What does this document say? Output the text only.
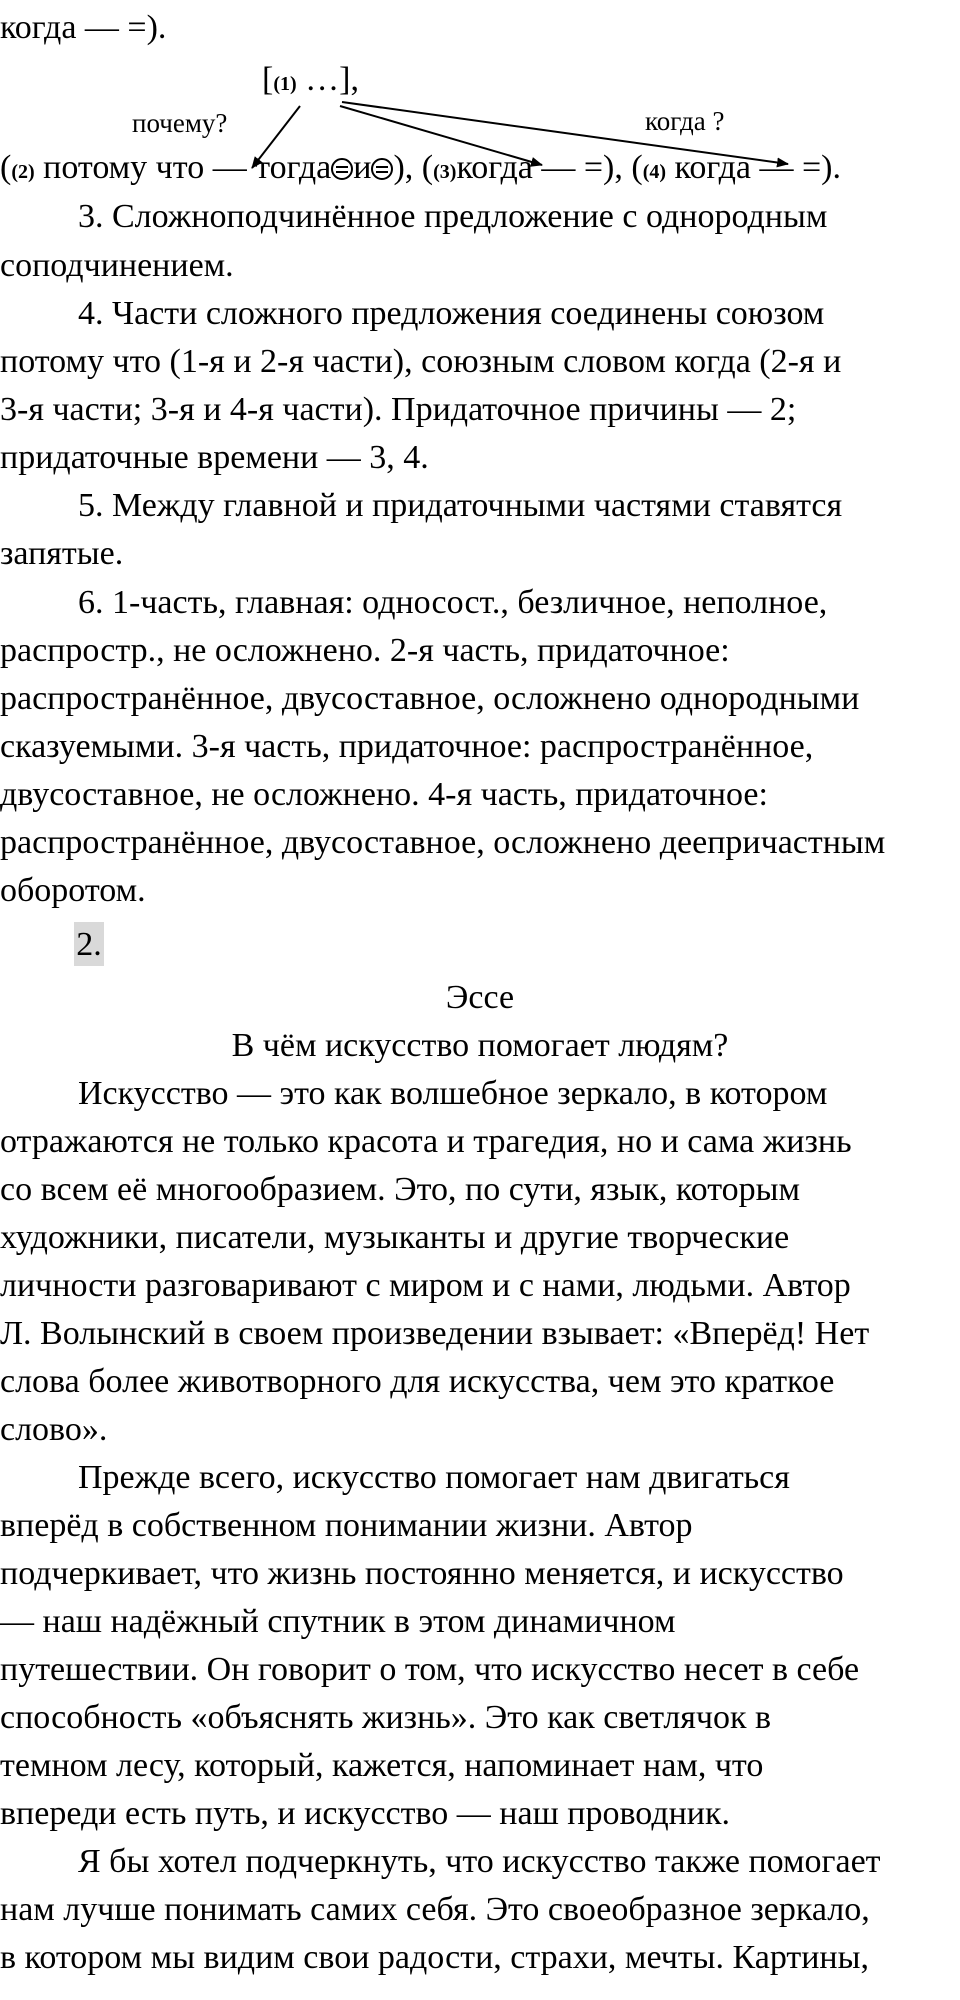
когда — =).
[(1) …],
почему?	когда ?
((2) потому что — тогда и ), ((3)когда — =), ((4) когда — =).
3. Сложноподчинённое предложение с однородным
соподчинением.
4. Части сложного предложения соединены союзом
потому что (1-я и 2-я части), союзным словом когда (2-я и
3-я части; 3-я и 4-я части). Придаточное причины — 2;
придаточные времени — 3, 4.
5. Между главной и придаточными частями ставятся
запятые.
6. 1-часть, главная: односост., безличное, неполное,
распростр., не осложнено. 2-я часть, придаточное:
распространённое, двусоставное, осложнено однородными
сказуемыми. 3-я часть, придаточное: распространённое,
двусоставное, не осложнено. 4-я часть, придаточное:
распространённое, двусоставное, осложнено деепричастным
оборотом.
2.
Эссе
В чём искусство помогает людям?
Искусство — это как волшебное зеркало, в котором
отражаются не только красота и трагедия, но и сама жизнь
со всем её многообразием. Это, по сути, язык, которым
художники, писатели, музыканты и другие творческие
личности разговаривают с миром и с нами, людьми. Автор
Л. Волынский в своем произведении взывает: «Вперёд! Нет
слова более животворного для искусства, чем это краткое
слово».
Прежде всего, искусство помогает нам двигаться
вперёд в собственном понимании жизни. Автор
подчеркивает, что жизнь постоянно меняется, и искусство
— наш надёжный спутник в этом динамичном
путешествии. Он говорит о том, что искусство несет в себе
способность «объяснять жизнь». Это как светлячок в
темном лесу, который, кажется, напоминает нам, что
впереди есть путь, и искусство — наш проводник.
Я бы хотел подчеркнуть, что искусство также помогает
нам лучше понимать самих себя. Это своеобразное зеркало,
в котором мы видим свои радости, страхи, мечты. Картины,
